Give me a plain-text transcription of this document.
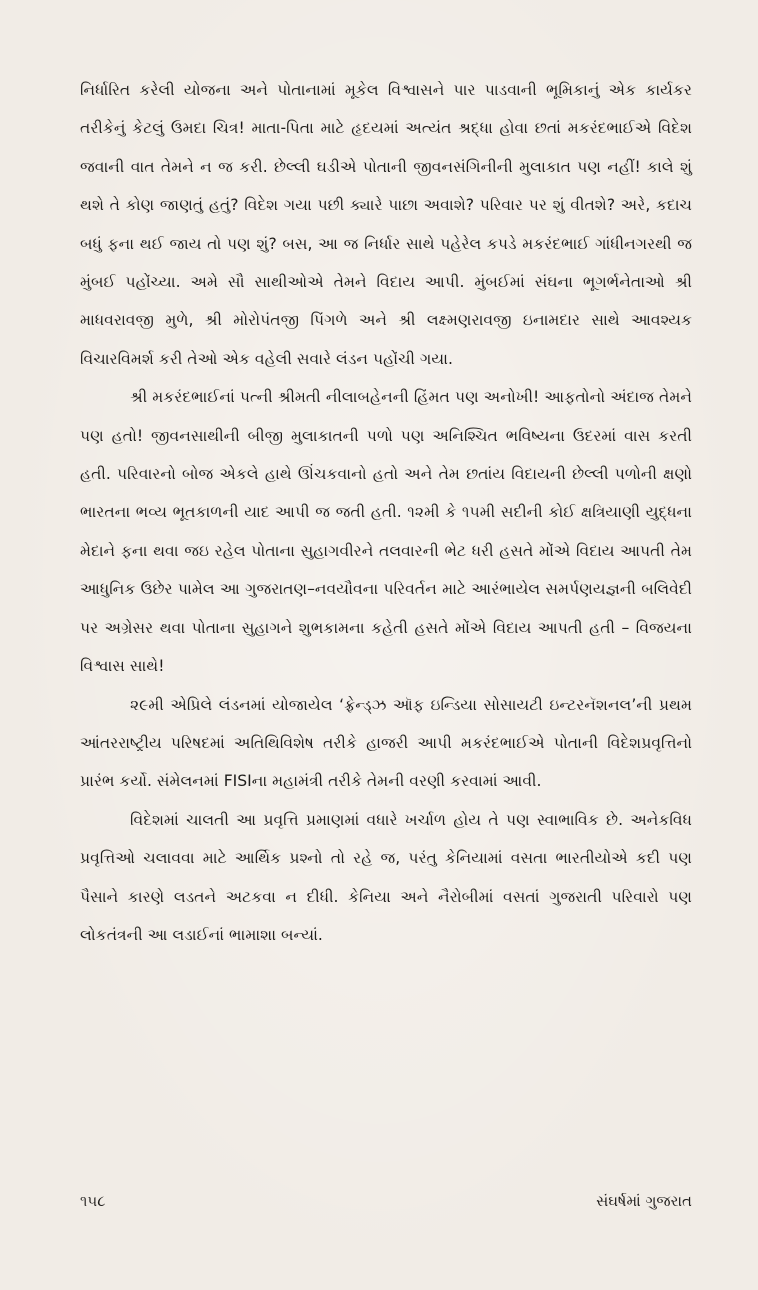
નિર્ધારિત કરેલી યોજના અને પોતાનામાં મૂકેલ વિશ્વાસને પાર પાડવાની ભૂમિકાનું એક કાર્યકર તરીકેનું કેટલું ઉમદા ચિત્ર! માતા-પિતા માટે હૃદયમાં અત્યંત શ્રદ્ધા હોવા છતાં મકરંદભાઈએ વિદેશ જવાની વાત તેમને ન જ કરી. છેલ્લી ઘડીએ પોતાની જીવનસંગિનીની મુલાકાત પણ નહીં! કાલે શું થશે તે કોણ જાણતું હતું? વિદેશ ગયા પછી ક્યારે પાછા અવાશે? પરિવાર પર શું વીતશે? અરે, કદાચ બધું ફના થઈ જાય તો પણ શું? બસ, આ જ નિર્ધાર સાથે પહેરેલ કપડે મકરંદભાઈ ગાંધીનગરથી જ મુંબઈ પહોંચ્યા. અમે સૌ સાથીઓએ તેમને વિદાય આપી. મુંબઈમાં સંઘના ભૂગર્ભનેતાઓ શ્રી માધવરાવજી મુળે, શ્રી મોરોપંતજી પિંગળે અને શ્રી લક્ષ્મણરાવજી ઇનામદાર સાથે આવશ્યક વિચારવિમર્શ કરી તેઓ એક વહેલી સવારે લંડન પહોંચી ગયા.

શ્રી મકરંદભાઈનાં પત્ની શ્રીમતી નીલાબહેનની હિંમત પણ અનોખી! આફતોનો અંદાજ તેમને પણ હતો! જીવનસાથીની બીજી મુલાકાતની પળો પણ અનિશ્ચિત ભવિષ્યના ઉદરમાં વાસ કરતી હતી. પરિવારનો બોજ એકલે હાથે ઊંચકવાનો હતો અને તેમ છતાંય વિદાયની છેલ્લી પળોની ક્ષણો ભારતના ભવ્ય ભૂતકાળની યાદ આપી જ જતી હતી. ૧૨મી કે ૧૫મી સદીની કોઈ ક્ષત્રિયાણી યુદ્ધના મેદાને ફના થવા જઇ રહેલ પોતાના સુહાગવીરને તલવારની ભેટ ધરી હસતે મોંએ વિદાય આપતી તેમ આધુનિક ઉછેર પામેલ આ ગુજરાતણ–નવયૌવના પરિવર્તન માટે આરંભાયેલ સમર્પણયજ્ઞની બલિવેદી પર અગ્રેસર થવા પોતાના સુહાગને શુભકામના કહેતી હસતે મોંએ વિદાય આપતી હતી – વિજયના વિશ્વાસ સાથે!

૨૯મી એપ્રિલે લંડનમાં યોજાયેલ ‘ફ્રેન્ડ્ઝ ઑફ ઇન્ડિયા સોસાયટી ઇન્ટરનૅશનલ’ની પ્રથમ આંતરરાષ્ટ્રીય પરિષદમાં અતિથિવિશેષ તરીકે હાજરી આપી મકરંદભાઈએ પોતાની વિદેશપ્રવૃત્તિનો પ્રારંભ કર્યો. સંમેલનમાં FISIના મહામંત્રી તરીકે તેમની વરણી કરવામાં આવી.

વિદેશમાં ચાલતી આ પ્રવૃત્તિ પ્રમાણમાં વધારે ખર્ચાળ હોય તે પણ સ્વાભાવિક છે. અનેકવિધ પ્રવૃત્તિઓ ચલાવવા માટે આર્થિક પ્રશ્નો તો રહે જ, પરંતુ કેનિયામાં વસતા ભારતીયોએ કદી પણ પૈસાને કારણે લડતને અટકવા ન દીધી. કેનિયા અને નૈરોબીમાં વસતાં ગુજરાતી પરિવારો પણ લોકતંત્રની આ લડાઈનાં ભામાશા બન્યાં.

૧૫૮	સંઘર્ષમાં ગુજરાત
